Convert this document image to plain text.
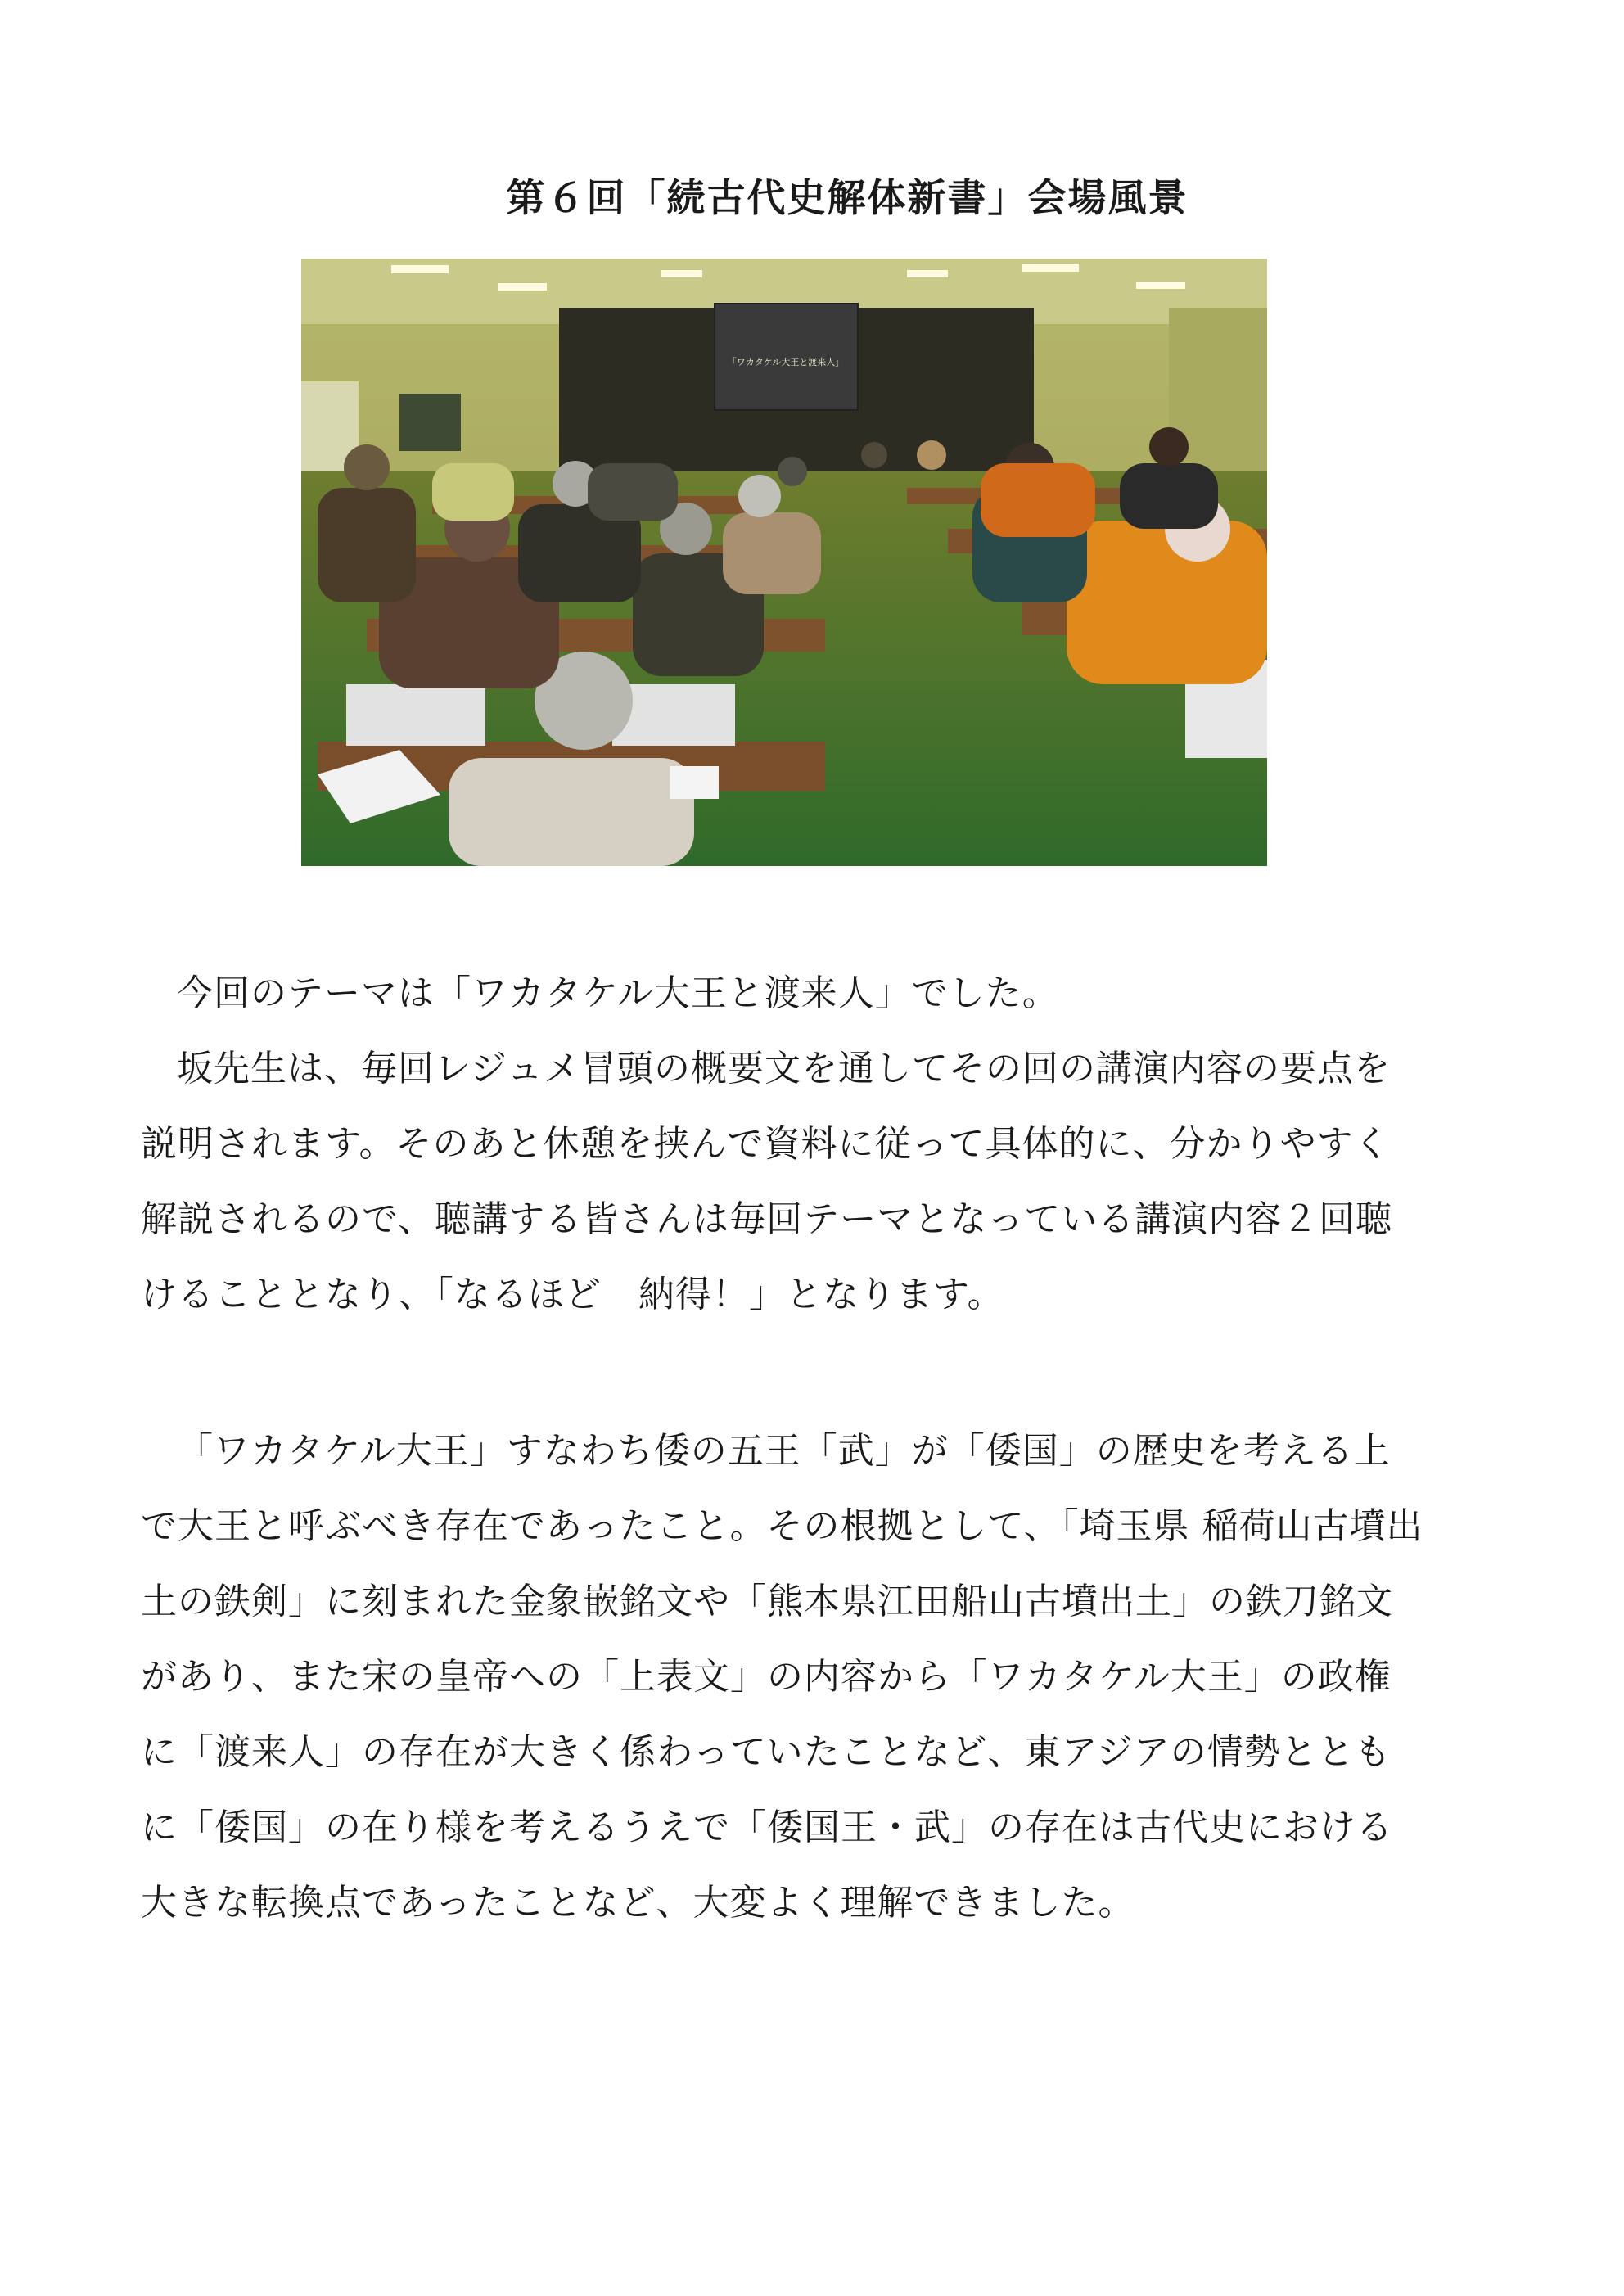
第６回「続古代史解体新書」会場風景
「ワカタケル大王と渡来人」
今回のテーマは「ワカタケル大王と渡来人」でした。
坂先生は、毎回レジュメ冒頭の概要文を通してその回の講演内容の要点を
説明されます。そのあと休憩を挟んで資料に従って具体的に、分かりやすく
解説されるので、聴講する皆さんは毎回テーマとなっている講演内容２回聴
けることとなり、「なるほど　納得！」となります。
「ワカタケル大王」すなわち倭の五王「武」が「倭国」の歴史を考える上
で大王と呼ぶべき存在であったこと。その根拠として、「埼玉県 稲荷山古墳出
土の鉄剣」に刻まれた金象嵌銘文や「熊本県江田船山古墳出土」の鉄刀銘文
があり、また宋の皇帝への「上表文」の内容から「ワカタケル大王」の政権
に「渡来人」の存在が大きく係わっていたことなど、東アジアの情勢ととも
に「倭国」の在り様を考えるうえで「倭国王・武」の存在は古代史における
大きな転換点であったことなど、大変よく理解できました。
